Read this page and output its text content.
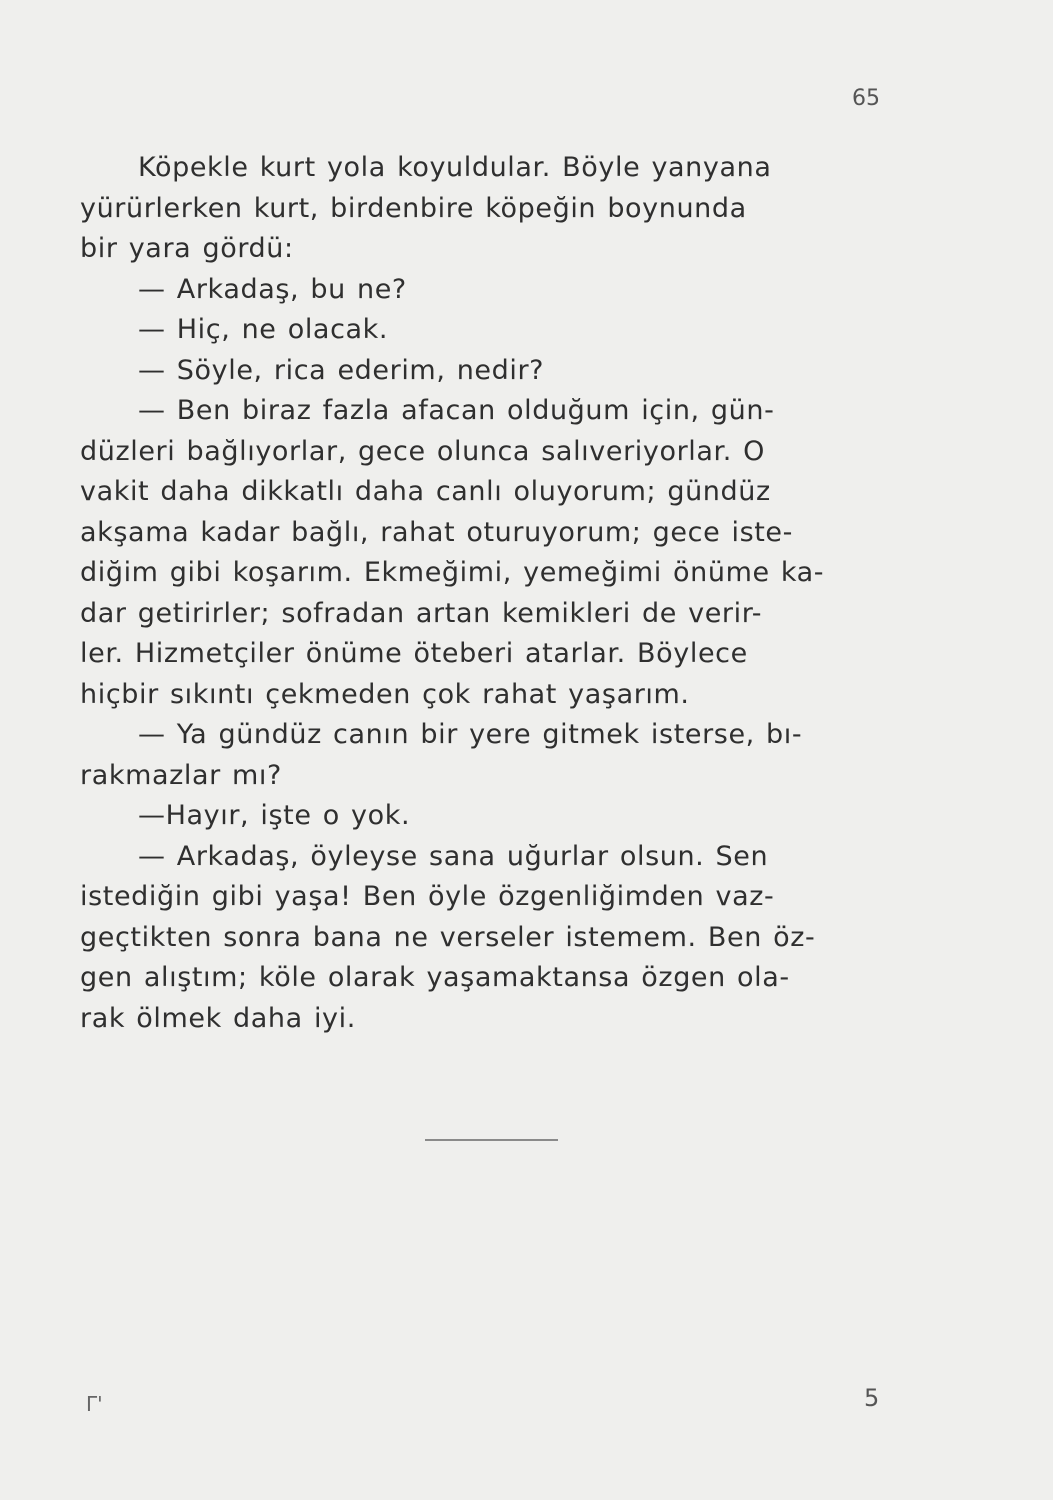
65
Köpekle kurt yola koyuldular. Böyle yanyana
yürürlerken kurt, birdenbire köpeğin boynunda
bir yara gördü:
— Arkadaş, bu ne?
— Hiç, ne olacak.
— Söyle, rica ederim, nedir?
— Ben biraz fazla afacan olduğum için, gün-
düzleri bağlıyorlar, gece olunca salıveriyorlar. O
vakit daha dikkatlı daha canlı oluyorum; gündüz
akşama kadar bağlı, rahat oturuyorum; gece iste-
diğim gibi koşarım. Ekmeğimi, yemeğimi önüme ka-
dar getirirler; sofradan artan kemikleri de verir-
ler. Hizmetçiler önüme öteberi atarlar. Böylece
hiçbir sıkıntı çekmeden çok rahat yaşarım.
— Ya gündüz canın bir yere gitmek isterse, bı-
rakmazlar mı?
—Hayır, işte o yok.
— Arkadaş, öyleyse sana uğurlar olsun. Sen
istediğin gibi yaşa! Ben öyle özgenliğimden vaz-
geçtikten sonra bana ne verseler istemem. Ben öz-
gen alıştım; köle olarak yaşamaktansa özgen ola-
rak ölmek daha iyi.
Γ'	5
